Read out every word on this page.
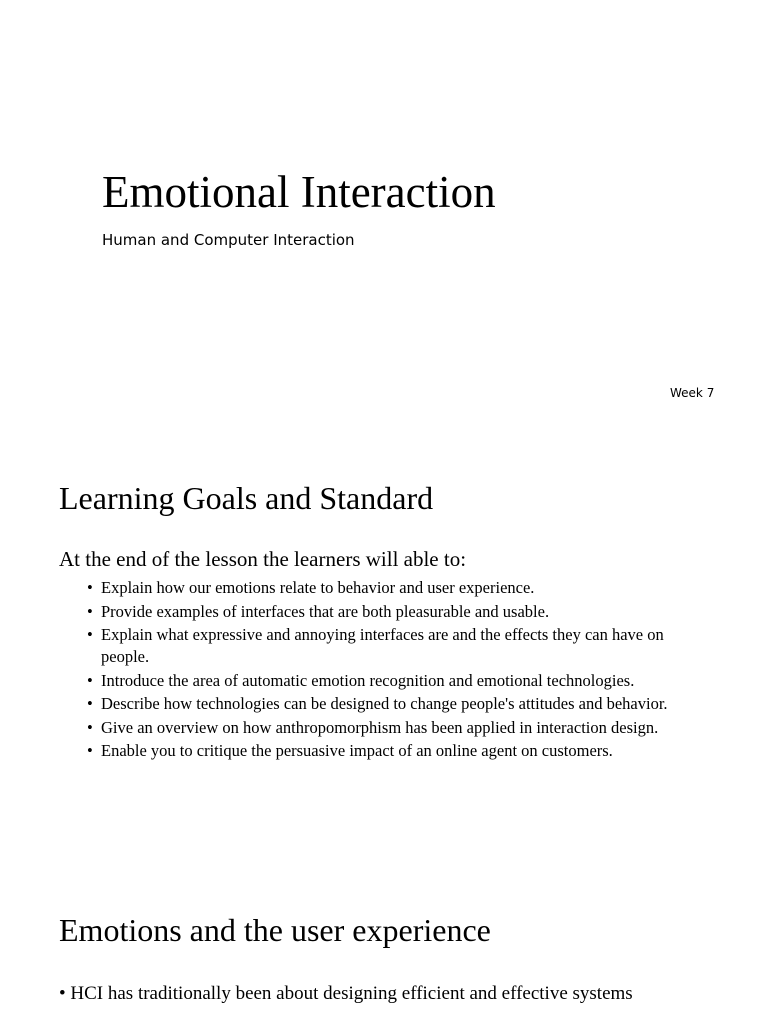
Emotional Interaction
Human and Computer Interaction
Week 7
Learning Goals and Standard
At the end of the lesson the learners will able to:
• Explain how our emotions relate to behavior and user experience.
• Provide examples of interfaces that are both pleasurable and usable.
• Explain what expressive and annoying interfaces are and the effects they can have on people.
• Introduce the area of automatic emotion recognition and emotional technologies.
• Describe how technologies can be designed to change people's attitudes and behavior.
• Give an overview on how anthropomorphism has been applied in interaction design.
• Enable you to critique the persuasive impact of an online agent on customers.
Emotions and the user experience
• HCI has traditionally been about designing efficient and effective systems
